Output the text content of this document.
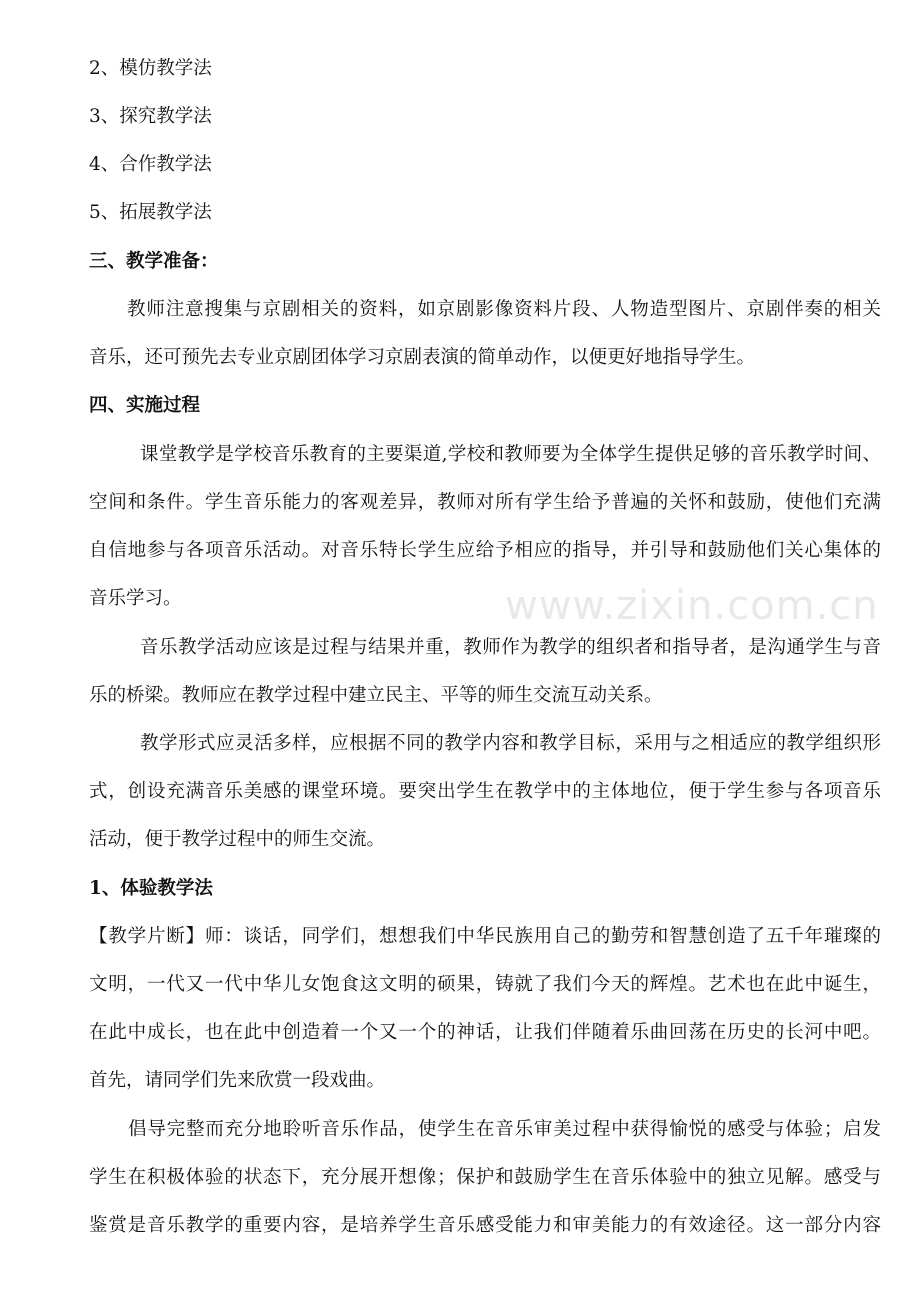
www.zixin.com.cn
2、模仿教学法
3、探究教学法
4、合作教学法
5、拓展教学法
三、教学准备：
教师注意搜集与京剧相关的资料，如京剧影像资料片段、人物造型图片、京剧伴奏的相关
音乐，还可预先去专业京剧团体学习京剧表演的简单动作，以便更好地指导学生。
四、实施过程
课堂教学是学校音乐教育的主要渠道,学校和教师要为全体学生提供足够的音乐教学时间、
空间和条件。学生音乐能力的客观差异，教师对所有学生给予普遍的关怀和鼓励，使他们充满
自信地参与各项音乐活动。对音乐特长学生应给予相应的指导，并引导和鼓励他们关心集体的
音乐学习。
音乐教学活动应该是过程与结果并重，教师作为教学的组织者和指导者，是沟通学生与音
乐的桥梁。教师应在教学过程中建立民主、平等的师生交流互动关系。
教学形式应灵活多样，应根据不同的教学内容和教学目标，采用与之相适应的教学组织形
式，创设充满音乐美感的课堂环境。要突出学生在教学中的主体地位，便于学生参与各项音乐
活动，便于教学过程中的师生交流。
1、体验教学法
【教学片断】师：谈话，同学们，想想我们中华民族用自己的勤劳和智慧创造了五千年璀璨的
文明，一代又一代中华儿女饱食这文明的硕果，铸就了我们今天的辉煌。艺术也在此中诞生，
在此中成长，也在此中创造着一个又一个的神话，让我们伴随着乐曲回荡在历史的长河中吧。
首先，请同学们先来欣赏一段戏曲。
倡导完整而充分地聆听音乐作品，使学生在音乐审美过程中获得愉悦的感受与体验；启发
学生在积极体验的状态下，充分展开想像；保护和鼓励学生在音乐体验中的独立见解。感受与
鉴赏是音乐教学的重要内容，是培养学生音乐感受能力和审美能力的有效途径。这一部分内容
